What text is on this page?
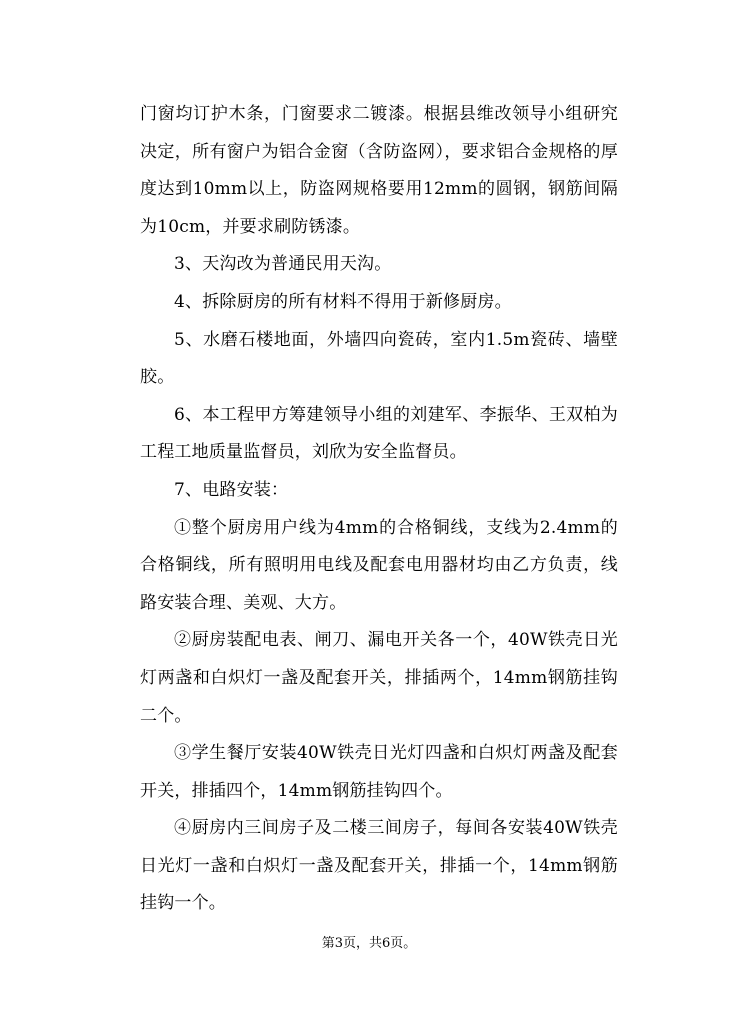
门窗均订护木条，门窗要求二镀漆。根据县维改领导小组研究决定，所有窗户为铝合金窗（含防盗网），要求铝合金规格的厚度达到10mm以上，防盗网规格要用12mm的圆钢，钢筋间隔为10cm，并要求刷防锈漆。

3、天沟改为普通民用天沟。

4、拆除厨房的所有材料不得用于新修厨房。

5、水磨石楼地面，外墙四向瓷砖，室内1.5m瓷砖、墙壁胶。

6、本工程甲方筹建领导小组的刘建军、李振华、王双柏为工程工地质量监督员，刘欣为安全监督员。

7、电路安装：

①整个厨房用户线为4mm的合格铜线，支线为2.4mm的合格铜线，所有照明用电线及配套电用器材均由乙方负责，线路安装合理、美观、大方。

②厨房装配电表、闸刀、漏电开关各一个，40W铁壳日光灯两盏和白炽灯一盏及配套开关，排插两个，14mm钢筋挂钩二个。

③学生餐厅安装40W铁壳日光灯四盏和白炽灯两盏及配套开关，排插四个，14mm钢筋挂钩四个。

④厨房内三间房子及二楼三间房子，每间各安装40W铁壳日光灯一盏和白炽灯一盏及配套开关，排插一个，14mm钢筋挂钩一个。

第3页，共6页。
